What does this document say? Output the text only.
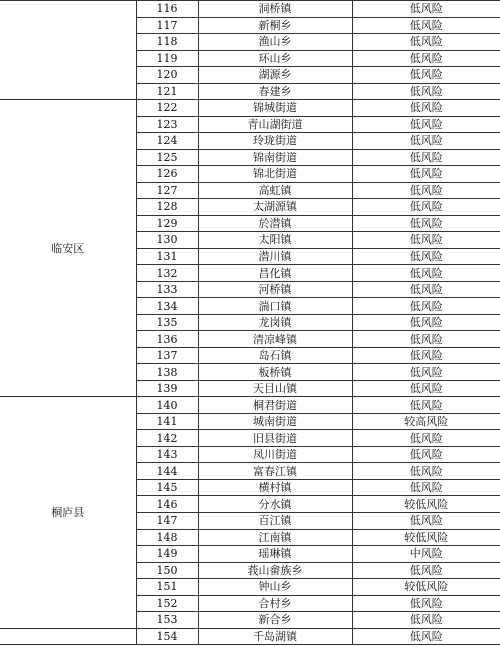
	116	洞桥镇	低风险
	117	新桐乡	低风险
	118	渔山乡	低风险
	119	环山乡	低风险
	120	湖源乡	低风险
	121	春建乡	低风险
临安区	122	锦城街道	低风险
	123	青山湖街道	低风险
	124	玲珑街道	低风险
	125	锦南街道	低风险
	126	锦北街道	低风险
	127	高虹镇	低风险
	128	太湖源镇	低风险
	129	於潜镇	低风险
	130	太阳镇	低风险
	131	潜川镇	低风险
	132	昌化镇	低风险
	133	河桥镇	低风险
	134	湍口镇	低风险
	135	龙岗镇	低风险
	136	清凉峰镇	低风险
	137	岛石镇	低风险
	138	板桥镇	低风险
	139	天目山镇	低风险
桐庐县	140	桐君街道	低风险
	141	城南街道	较高风险
	142	旧县街道	低风险
	143	凤川街道	低风险
	144	富春江镇	低风险
	145	横村镇	低风险
	146	分水镇	较低风险
	147	百江镇	低风险
	148	江南镇	较低风险
	149	瑶琳镇	中风险
	150	莪山畲族乡	低风险
	151	钟山乡	较低风险
	152	合村乡	低风险
	153	新合乡	低风险
	154	千岛湖镇	低风险
